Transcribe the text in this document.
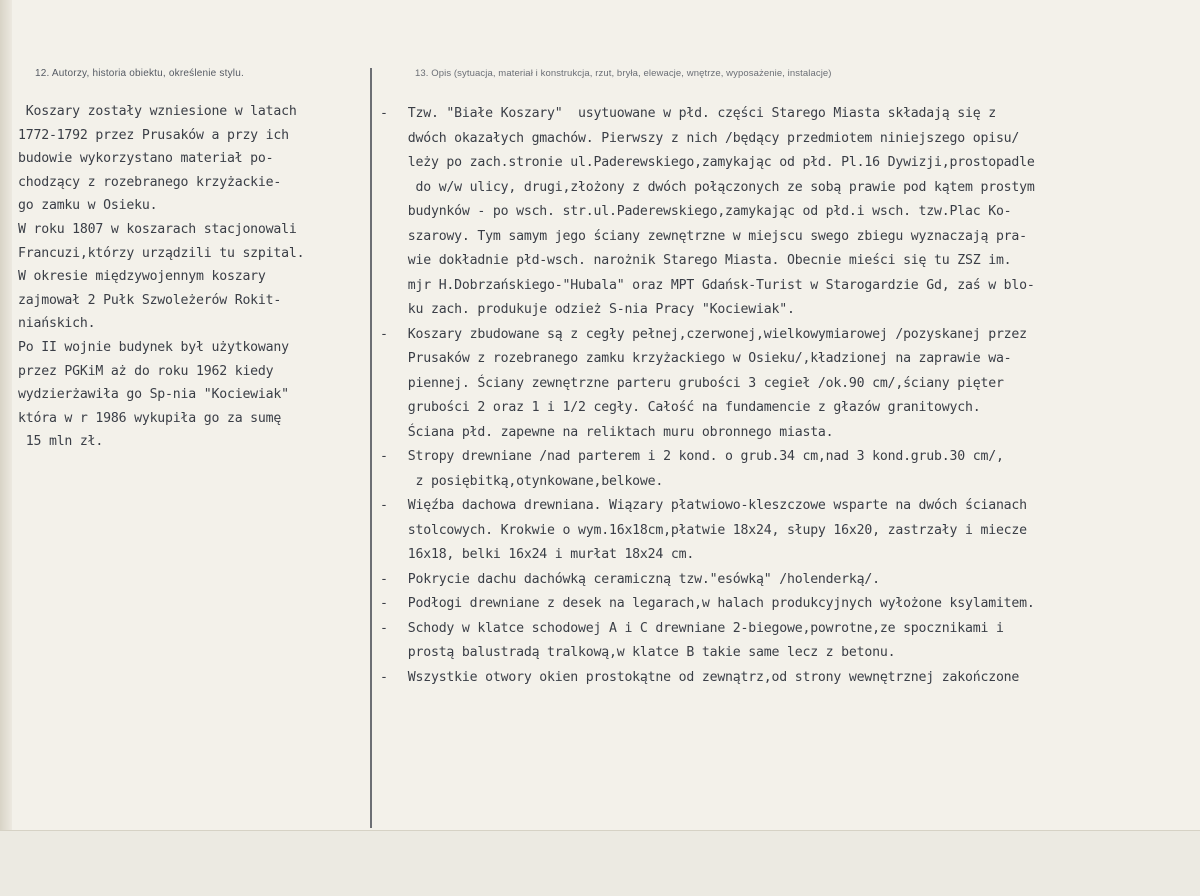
12. Autorzy, historia obiektu, określenie stylu.	13. Opis (sytuacja, materiał i konstrukcja, rzut, bryła, elewacje, wnętrze, wyposażenie, instalacje)
Koszary zostały wzniesione w latach
1772-1792 przez Prusaków a przy ich
budowie wykorzystano materiał po-
chodzący z rozebranego krzyżackie-
go zamku w Osieku.
W roku 1807 w koszarach stacjonowali
Francuzi,którzy urządzili tu szpital.
W okresie międzywojennym koszary
zajmował 2 Pułk Szwoleżerów Rokit-
niańskich.
Po II wojnie budynek był użytkowany
przez PGKiM aż do roku 1962 kiedy
wydzierżawiła go Sp-nia "Kociewiak"
która w r 1986 wykupiła go za sumę
15 mln zł.
- Tzw. "Białe Koszary"  usytuowane w płd. części Starego Miasta składają się z
dwóch okazałych gmachów. Pierwszy z nich /będący przedmiotem niniejszego opisu/
leży po zach.stronie ul.Paderewskiego,zamykając od płd. Pl.16 Dywizji,prostopadle
do w/w ulicy, drugi,złożony z dwóch połączonych ze sobą prawie pod kątem prostym
budynków - po wsch. str.ul.Paderewskiego,zamykając od płd.i wsch. tzw.Plac Ko-
szarowy. Tym samym jego ściany zewnętrzne w miejscu swego zbiegu wyznaczają pra-
wie dokładnie płd-wsch. narożnik Starego Miasta. Obecnie mieści się tu ZSZ im.
mjr H.Dobrzańskiego-"Hubala" oraz MPT Gdańsk-Turist w Starogardzie Gd, zaś w blo-
ku zach. produkuje odzież S-nia Pracy "Kociewiak".
- Koszary zbudowane są z cegły pełnej,czerwonej,wielkowymiarowej /pozyskanej przez
Prusaków z rozebranego zamku krzyżackiego w Osieku/,kładzionej na zaprawie wa-
piennej. Ściany zewnętrzne parteru grubości 3 cegieł /ok.90 cm/,ściany pięter
grubości 2 oraz 1 i 1/2 cegły. Całość na fundamencie z głazów granitowych.
Ściana płd. zapewne na reliktach muru obronnego miasta.
- Stropy drewniane /nad parterem i 2 kond. o grub.34 cm,nad 3 kond.grub.30 cm/,
z posiębitką,otynkowane,belkowe.
- Więźba dachowa drewniana. Wiązary płatwiowo-kleszczowe wsparte na dwóch ścianach
stolcowych. Krokwie o wym.16x18cm,płatwie 18x24, słupy 16x20, zastrzały i miecze
16x18, belki 16x24 i murłat 18x24 cm.
- Pokrycie dachu dachówką ceramiczną tzw."esówką" /holenderką/.
- Podłogi drewniane z desek na legarach,w halach produkcyjnych wyłożone ksylamitem.
- Schody w klatce schodowej A i C drewniane 2-biegowe,powrotne,ze spocznikami i
prostą balustradą tralkową,w klatce B takie same lecz z betonu.
- Wszystkie otwory okien prostokątne od zewnątrz,od strony wewnętrznej zakończone
